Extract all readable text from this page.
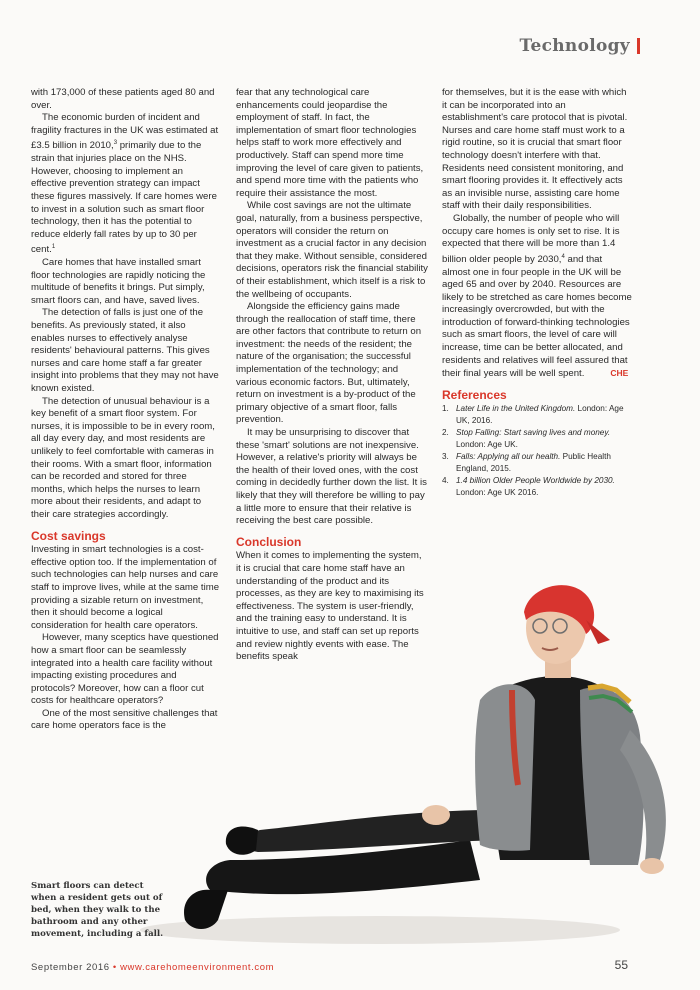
Technology

with 173,000 of these patients aged 80 and over.

The economic burden of incident and fragility fractures in the UK was estimated at £3.5 billion in 2010,$^3$ primarily due to the strain that injuries place on the NHS. However, choosing to implement an effective prevention strategy can impact these figures massively. If care homes were to invest in a solution such as smart floor technology, then it has the potential to reduce elderly fall rates by up to 30 per cent.$^1$

Care homes that have installed smart floor technologies are rapidly noticing the multitude of benefits it brings. Put simply, smart floors can, and have, saved lives.

The detection of falls is just one of the benefits. As previously stated, it also enables nurses to effectively analyse residents' behavioural patterns. This gives nurses and care home staff a far greater insight into problems that they may not have known existed.

The detection of unusual behaviour is a key benefit of a smart floor system. For nurses, it is impossible to be in every room, all day every day, and most residents are unlikely to feel comfortable with cameras in their rooms. With a smart floor, information can be recorded and stored for three months, which helps the nurses to learn more about their residents, and adapt to their care strategies accordingly.

Cost savings

Investing in smart technologies is a cost-effective option too. If the implementation of such technologies can help nurses and care staff to improve lives, while at the same time providing a sizable return on investment, then it should become a logical consideration for health care operators.

However, many sceptics have questioned how a smart floor can be seamlessly integrated into a health care facility without impacting existing procedures and protocols? Moreover, how can a floor cut costs for healthcare operators?

One of the most sensitive challenges that care home operators face is the

fear that any technological care enhancements could jeopardise the employment of staff. In fact, the implementation of smart floor technologies helps staff to work more effectively and productively. Staff can spend more time improving the level of care given to patients, and spend more time with the patients who require their assistance the most.

While cost savings are not the ultimate goal, naturally, from a business perspective, operators will consider the return on investment as a crucial factor in any decision that they make. Without sensible, considered decisions, operators risk the financial stability of their establishment, which itself is a risk to the wellbeing of occupants.

Alongside the efficiency gains made through the reallocation of staff time, there are other factors that contribute to return on investment: the needs of the resident; the nature of the organisation; the successful implementation of the technology; and various economic factors. But, ultimately, return on investment is a by-product of the primary objective of a smart floor, falls prevention.

It may be unsurprising to discover that these 'smart' solutions are not inexpensive. However, a relative's priority will always be the health of their loved ones, with the cost coming in decidedly further down the list. It is likely that they will therefore be willing to pay a little more to ensure that their relative is receiving the best care possible.

Conclusion

When it comes to implementing the system, it is crucial that care home staff have an understanding of the product and its processes, as they are key to maximising its effectiveness. The system is user-friendly, and the training easy to understand. It is intuitive to use, and staff can set up reports and review nightly events with ease. The benefits speak

for themselves, but it is the ease with which it can be incorporated into an establishment's care protocol that is pivotal. Nurses and care home staff must work to a rigid routine, so it is crucial that smart floor technology doesn't interfere with that. Residents need consistent monitoring, and smart flooring provides it. It effectively acts as an invisible nurse, assisting care home staff with their daily responsibilities.

Globally, the number of people who will occupy care homes is only set to rise. It is expected that there will be more than 1.4 billion older people by 2030,$^4$ and that almost one in four people in the UK will be aged 65 and over by 2040. Resources are likely to be stretched as care homes become increasingly overcrowded, but with the introduction of forward-thinking technologies such as smart floors, the level of care will increase, time can be better allocated, and residents and relatives will feel assured that their final years will be well spent.	CHE

References
1. Later Life in the United Kingdom. London: Age UK, 2016.
2. Stop Falling: Start saving lives and money. London: Age UK.
3. Falls: Applying all our health. Public Health England, 2015.
4. 1.4 billion Older People Worldwide by 2030. London: Age UK 2016.
Smart floors can detect when a resident gets out of bed, when they walk to the bathroom and any other movement, including a fall.
September 2016 • www.carehomeenvironment.com	55
